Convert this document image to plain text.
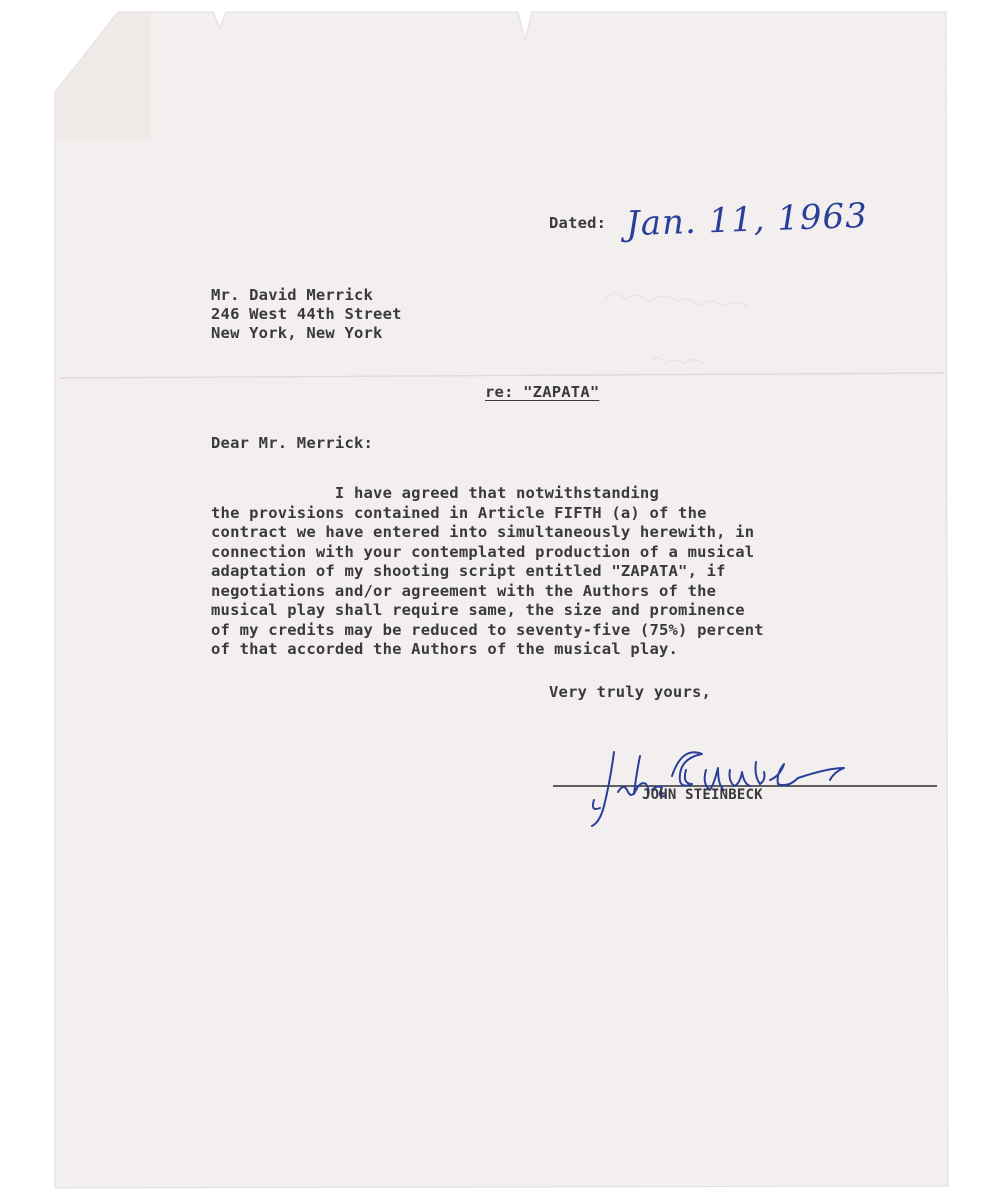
Dated: Jan. 11, 1963
Mr. David Merrick
246 West 44th Street
New York, New York
re: "ZAPATA"
Dear Mr. Merrick:
I have agreed that notwithstanding
the provisions contained in Article FIFTH (a) of the
contract we have entered into simultaneously herewith, in
connection with your contemplated production of a musical
adaptation of my shooting script entitled "ZAPATA", if
negotiations and/or agreement with the Authors of the
musical play shall require same, the size and prominence
of my credits may be reduced to seventy-five (75%) percent
of that accorded the Authors of the musical play.
Very truly yours,
JOHN STEINBECK
